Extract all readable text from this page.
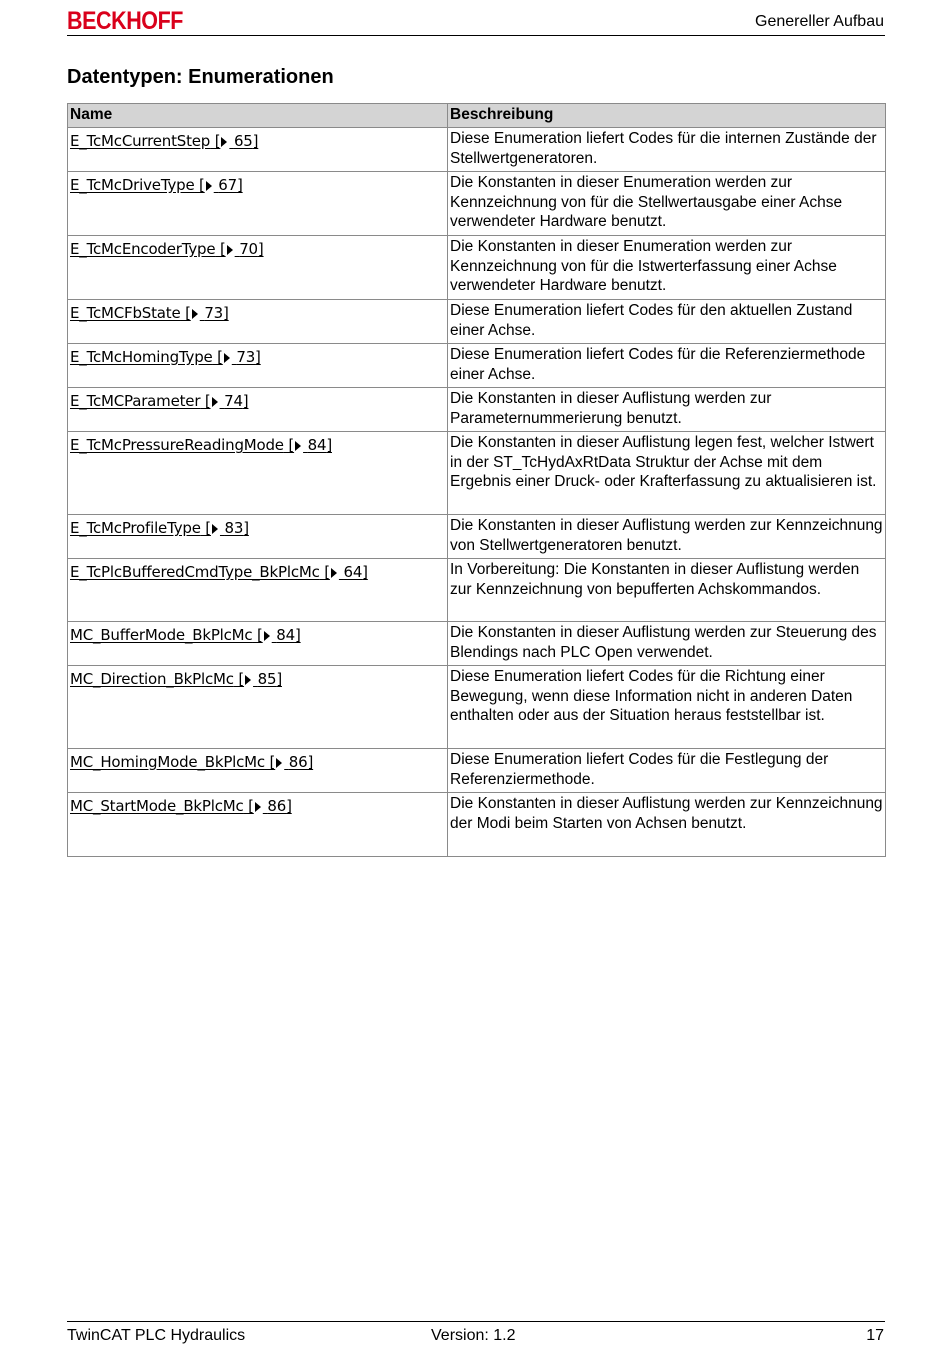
BECKHOFF	Genereller Aufbau
Datentypen: Enumerationen
Name	Beschreibung
E_TcMcCurrentStep [ 65]	Diese Enumeration liefert Codes für die internen Zustände der Stellwertgeneratoren.
E_TcMcDriveType [ 67]	Die Konstanten in dieser Enumeration werden zur Kennzeichnung von für die Stellwertausgabe einer Achse verwendeter Hardware benutzt.
E_TcMcEncoderType [ 70]	Die Konstanten in dieser Enumeration werden zur Kennzeichnung von für die Istwerterfassung einer Achse verwendeter Hardware benutzt.
E_TcMCFbState [ 73]	Diese Enumeration liefert Codes für den aktuellen Zustand einer Achse.
E_TcMcHomingType [ 73]	Diese Enumeration liefert Codes für die Referenziermethode einer Achse.
E_TcMCParameter [ 74]	Die Konstanten in dieser Auflistung werden zur Parameternummerierung benutzt.
E_TcMcPressureReadingMode [ 84]	Die Konstanten in dieser Auflistung legen fest, welcher Istwert in der ST_TcHydAxRtData Struktur der Achse mit dem Ergebnis einer Druck- oder Krafterfassung zu aktualisieren ist.
E_TcMcProfileType [ 83]	Die Konstanten in dieser Auflistung werden zur Kennzeichnung von Stellwertgeneratoren benutzt.
E_TcPlcBufferedCmdType_BkPlcMc [ 64]	In Vorbereitung: Die Konstanten in dieser Auflistung werden zur Kennzeichnung von bepufferten Achskommandos.
MC_BufferMode_BkPlcMc [ 84]	Die Konstanten in dieser Auflistung werden zur Steuerung des Blendings nach PLC Open verwendet.
MC_Direction_BkPlcMc [ 85]	Diese Enumeration liefert Codes für die Richtung einer Bewegung, wenn diese Information nicht in anderen Daten enthalten oder aus der Situation heraus feststellbar ist.
MC_HomingMode_BkPlcMc [ 86]	Diese Enumeration liefert Codes für die Festlegung der Referenziermethode.
MC_StartMode_BkPlcMc [ 86]	Die Konstanten in dieser Auflistung werden zur Kennzeichnung der Modi beim Starten von Achsen benutzt.
TwinCAT PLC Hydraulics	Version: 1.2	17
